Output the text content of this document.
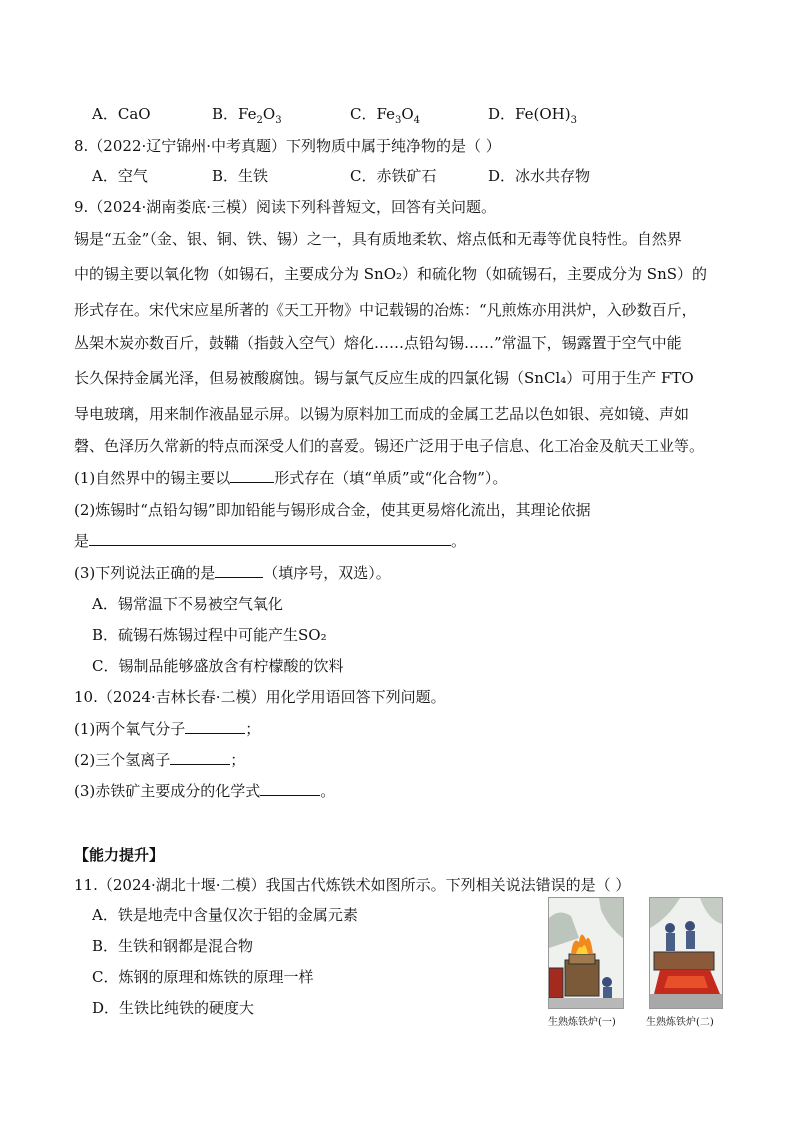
A．CaO	B．$Fe_2O_3$	C．$Fe_3O_4$	D．$Fe(OH)_3$
8.（2022·辽宁锦州·中考真题）下列物质中属于纯净物的是（ ）
A．空气	B．生铁	C．赤铁矿石	D．冰水共存物
9.（2024·湖南娄底·三模）阅读下列科普短文，回答有关问题。
锡是“五金”（金、银、铜、铁、锡）之一，具有质地柔软、熔点低和无毒等优良特性。自然界
中的锡主要以氧化物（如锡石，主要成分为 SnO₂）和硫化物（如硫锡石，主要成分为 SnS）的
形式存在。宋代宋应星所著的《天工开物》中记载锡的冶炼：“凡煎炼亦用洪炉，入砂数百斤，
丛架木炭亦数百斤，鼓鞴（指鼓入空气）熔化……点铅勾锡……”常温下，锡露置于空气中能
长久保持金属光泽，但易被酸腐蚀。锡与氯气反应生成的四氯化锡（SnCl₄）可用于生产 FTO
导电玻璃，用来制作液晶显示屏。以锡为原料加工而成的金属工艺品以色如银、亮如镜、声如
磬、色泽历久常新的特点而深受人们的喜爱。锡还广泛用于电子信息、化工冶金及航天工业等。
(1)自然界中的锡主要以	形式存在（填“单质”或“化合物”）。
(2)炼锡时“点铅勾锡”即加铅能与锡形成合金，使其更易熔化流出，其理论依据
是	。
(3)下列说法正确的是	（填序号，双选）。
A．锡常温下不易被空气氧化
B．硫锡石炼锡过程中可能产生SO₂
C．锡制品能够盛放含有柠檬酸的饮料
10.（2024·吉林长春·二模）用化学用语回答下列问题。
(1)两个氧气分子	；
(2)三个氢离子	；
(3)赤铁矿主要成分的化学式	。
【能力提升】
11.（2024·湖北十堰·二模）我国古代炼铁术如图所示。下列相关说法错误的是（ ）
A．铁是地壳中含量仅次于铝的金属元素
B．生铁和钢都是混合物
C．炼钢的原理和炼铁的原理一样
D．生铁比纯铁的硬度大
生熟炼铁炉(一)	生熟炼铁炉(二)
